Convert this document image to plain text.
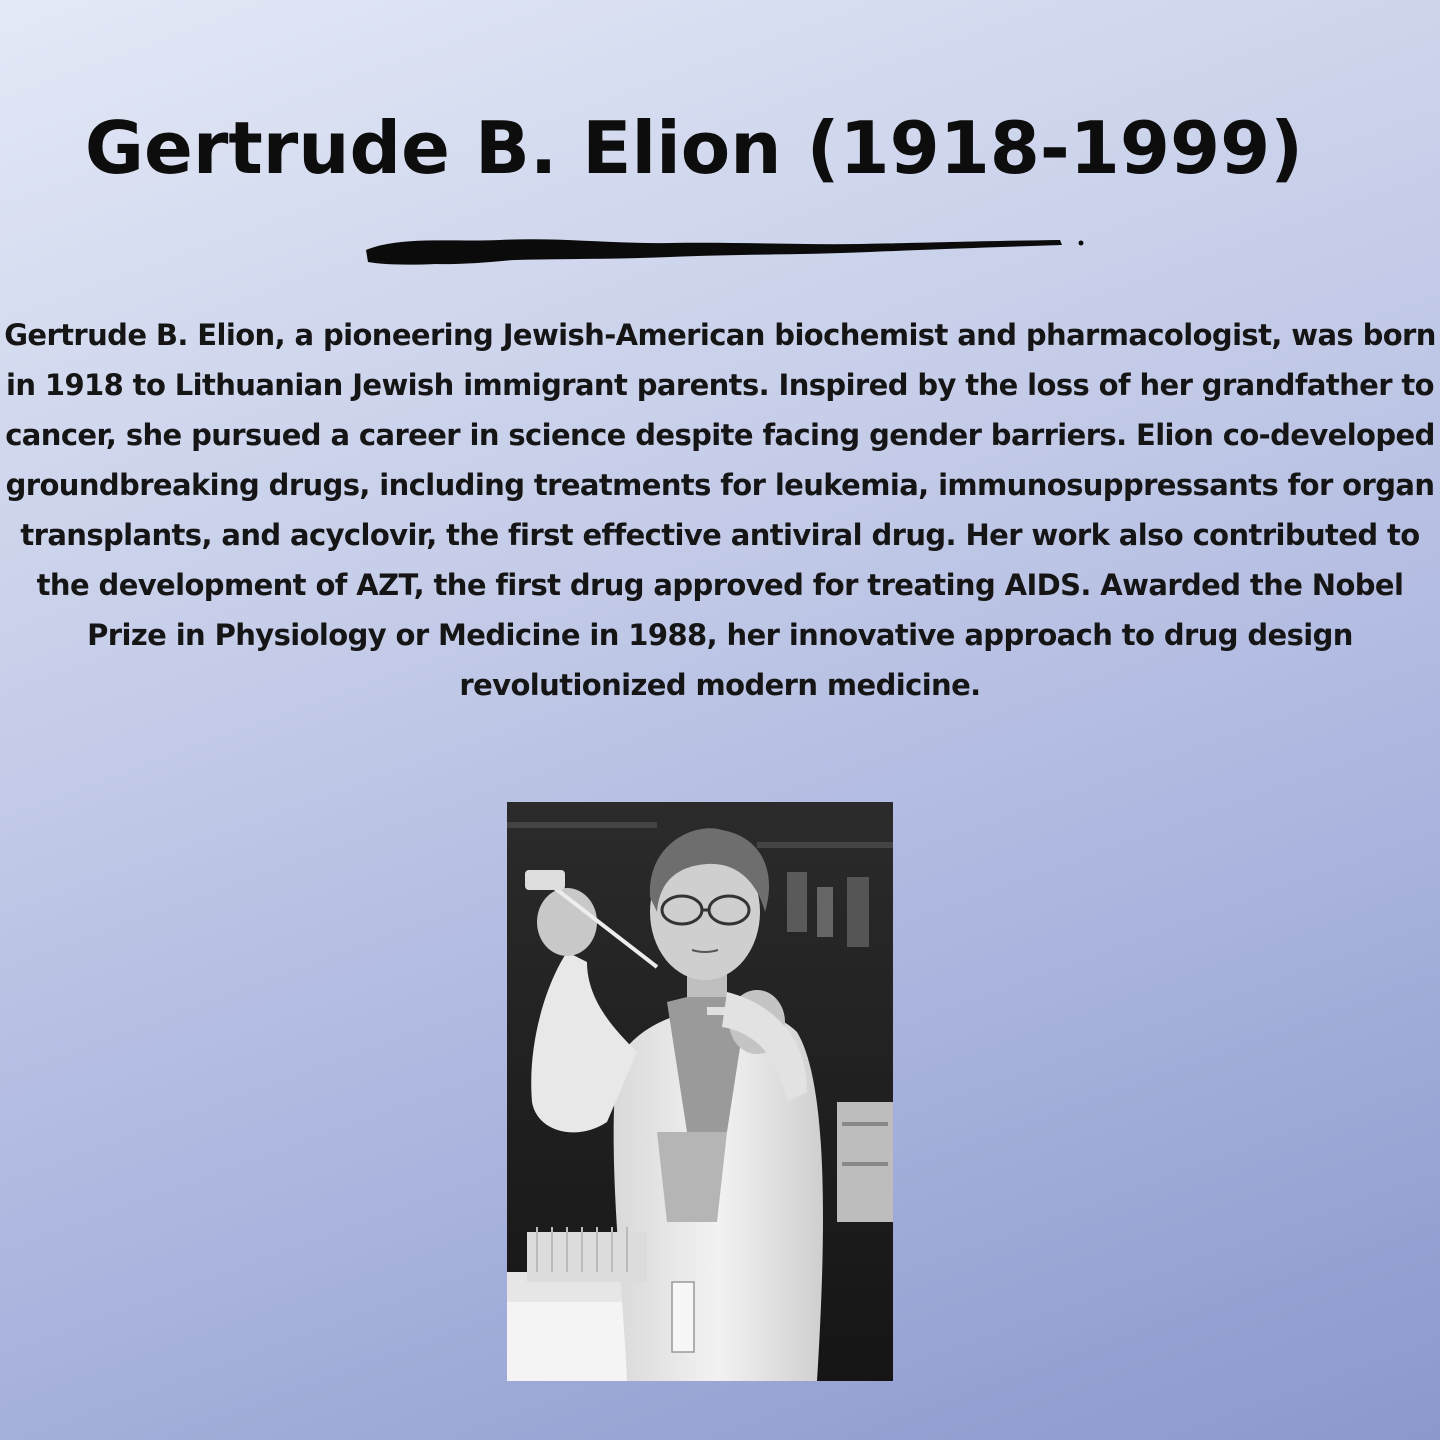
Gertrude B. Elion (1918-1999)

Gertrude B. Elion, a pioneering Jewish-American biochemist and pharmacologist, was born in 1918 to Lithuanian Jewish immigrant parents. Inspired by the loss of her grandfather to cancer, she pursued a career in science despite facing gender barriers. Elion co-developed groundbreaking drugs, including treatments for leukemia, immunosuppressants for organ transplants, and acyclovir, the first effective antiviral drug. Her work also contributed to the development of AZT, the first drug approved for treating AIDS. Awarded the Nobel Prize in Physiology or Medicine in 1988, her innovative approach to drug design revolutionized modern medicine.
